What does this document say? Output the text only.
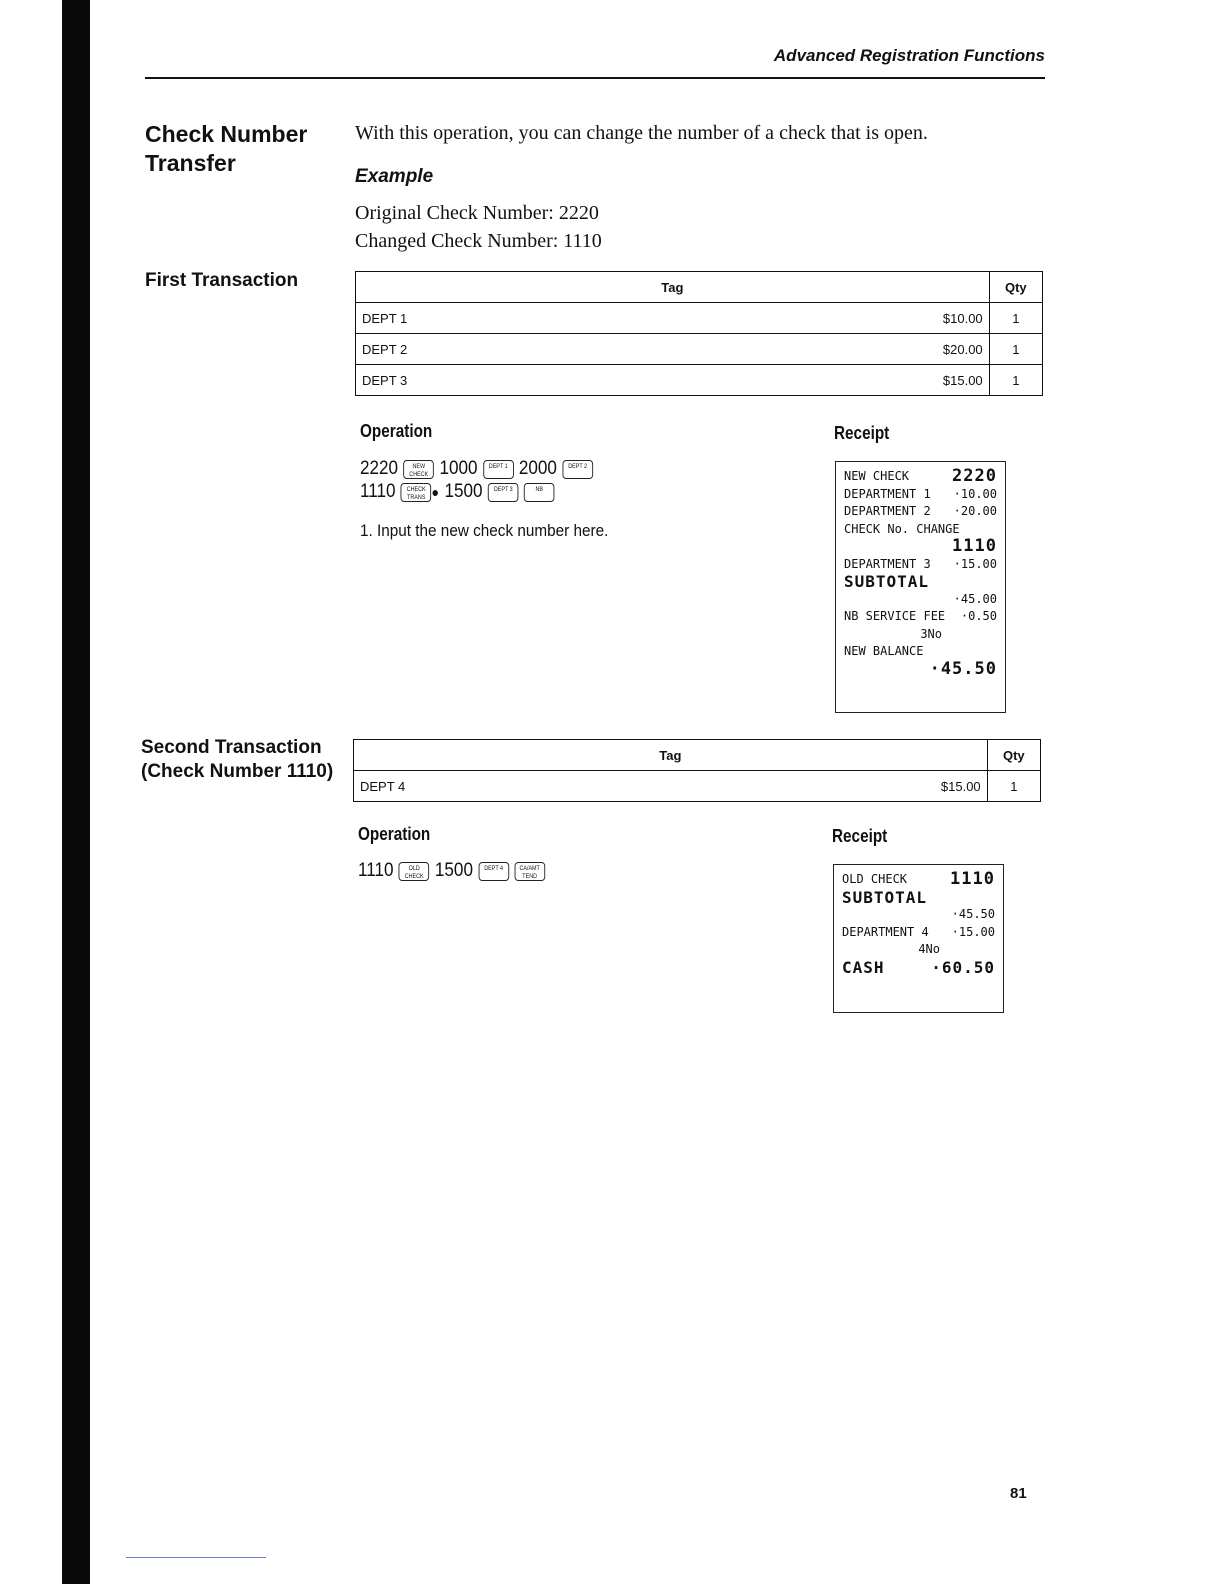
Advanced Registration Functions
Check Number
Transfer
With this operation, you can change the number of a check that is open.
Example
Original Check Number: 2220
Changed Check Number: 1110
First Transaction	Tag		Qty
DEPT 1	$10.00	1
DEPT 2	$20.00	1
DEPT 3	$15.00	1
Operation	Receipt
2220	NEW CHECK 1000	DEPT 1 2000	DEPT 2
1110	CHECK TRANS ● 1500	DEPT 3	NB
1. Input the new check number here.
NEW CHECK	2220
DEPARTMENT 1 ·10.00
DEPARTMENT 2 ·20.00
CHECK No. CHANGE
1110
DEPARTMENT 3 ·15.00
SUBTOTAL
·45.00
NB SERVICE FEE ·0.50
3No
NEW BALANCE
·45.50
Second Transaction
(Check Number 1110)
Tag		Qty
DEPT 4	$15.00	1
Operation	Receipt
1110	OLD CHECK 1500	DEPT 4	CA/AMT TEND	OLD CHECK	1110
SUBTOTAL
·45.50
DEPARTMENT 4 ·15.00
4No
CASH	·60.50
81
